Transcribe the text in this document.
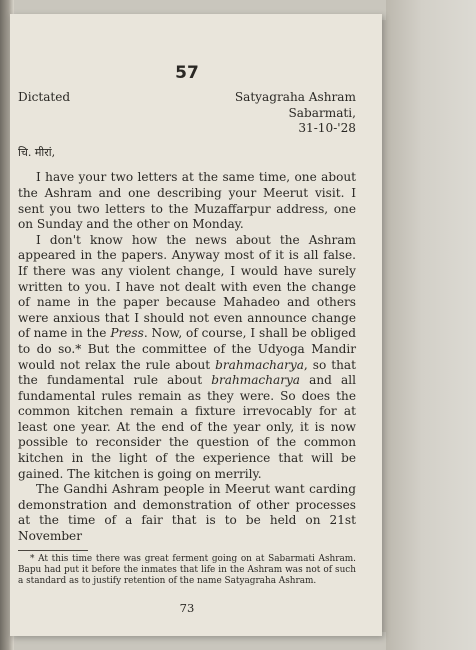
57
Dictated	Satyagraha Ashram
Sabarmati,
31-10-'28
चि. मीरां,

I have your two letters at the same time, one about the Ashram and one describing your Meerut visit. I sent you two letters to the Muzaffarpur address, one on Sunday and the other on Monday.

I don't know how the news about the Ashram appeared in the papers. Anyway most of it is all false. If there was any violent change, I would have surely written to you. I have not dealt with even the change of name in the paper because Mahadeo and others were anxious that I should not even announce change of name in the Press. Now, of course, I shall be obliged to do so.* But the committee of the Udyoga Mandir would not relax the rule about brahmacharya, so that the fundamental rule about brahmacharya and all fundamental rules remain as they were. So does the common kitchen remain a fixture irrevocably for at least one year. At the end of the year only, it is now possible to reconsider the question of the common kitchen in the light of the experience that will be gained. The kitchen is going on merrily.

The Gandhi Ashram people in Meerut want carding demonstration and demonstration of other processes at the time of a fair that is to be held on 21st November

* At this time there was great ferment going on at Sabarmati Ashram. Bapu had put it before the inmates that life in the Ashram was not of such a standard as to justify retention of the name Satyagraha Ashram.
73
